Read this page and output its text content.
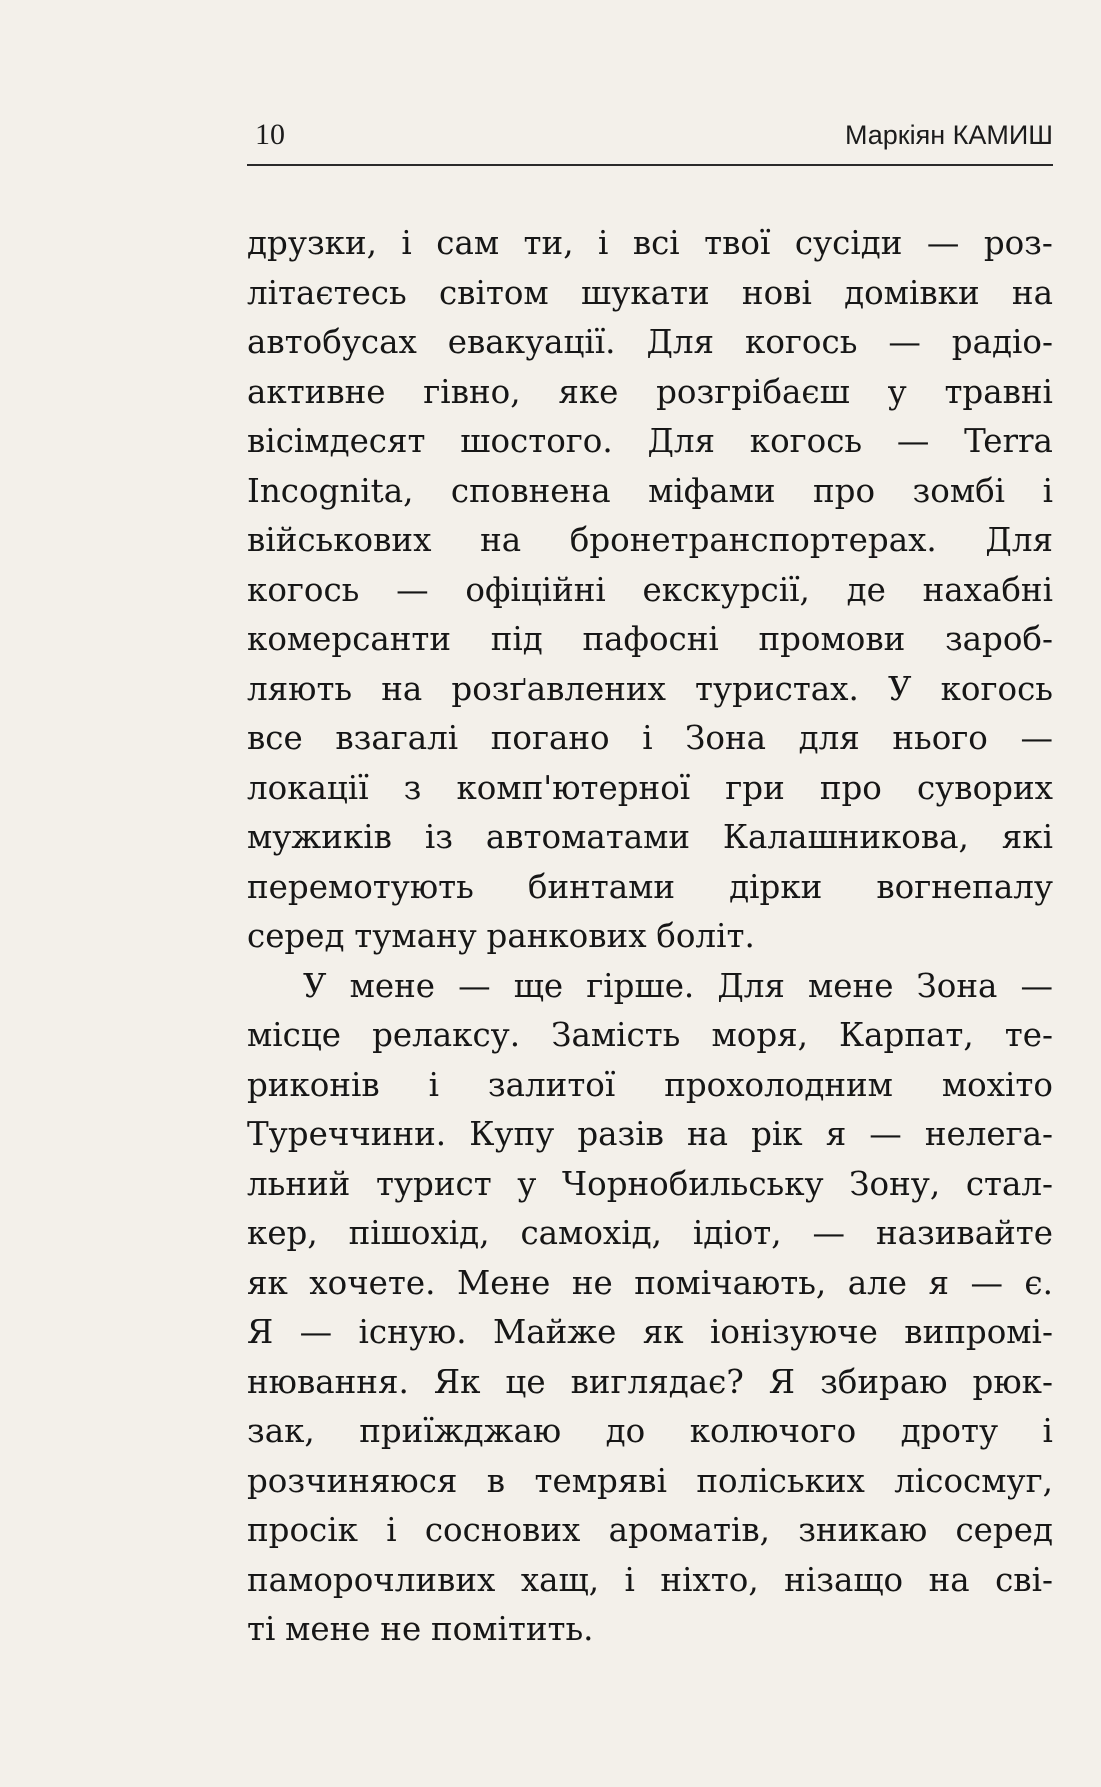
10	Маркіян КАМИШ
друзки, і сам ти, і всі твої сусіди — роз-
літаєтесь світом шукати нові домівки на
автобусах евакуації. Для когось — радіо-
активне гівно, яке розгрібаєш у травні
вісімдесят шостого. Для когось — Terra
Incognita, сповнена міфами про зомбі і
військових на бронетранспортерах. Для
когось — офіційні екскурсії, де нахабні
комерсанти під пафосні промови зароб-
ляють на розґавлених туристах. У когось
все взагалі погано і Зона для нього —
локації з комп'ютерної гри про суворих
мужиків із автоматами Калашникова, які
перемотують бинтами дірки вогнепалу
серед туману ранкових боліт.
У мене — ще гірше. Для мене Зона —
місце релаксу. Замість моря, Карпат, те-
риконів і залитої прохолодним мохіто
Туреччини. Купу разів на рік я — нелега-
льний турист у Чорнобильську Зону, стал-
кер, пішохід, самохід, ідіот, — називайте
як хочете. Мене не помічають, але я — є.
Я — існую. Майже як іонізуюче випромі-
нювання. Як це виглядає? Я збираю рюк-
зак, приїжджаю до колючого дроту і
розчиняюся в темряві поліських лісосмуг,
просік і соснових ароматів, зникаю серед
паморочливих хащ, і ніхто, нізащо на сві-
ті мене не помітить.
